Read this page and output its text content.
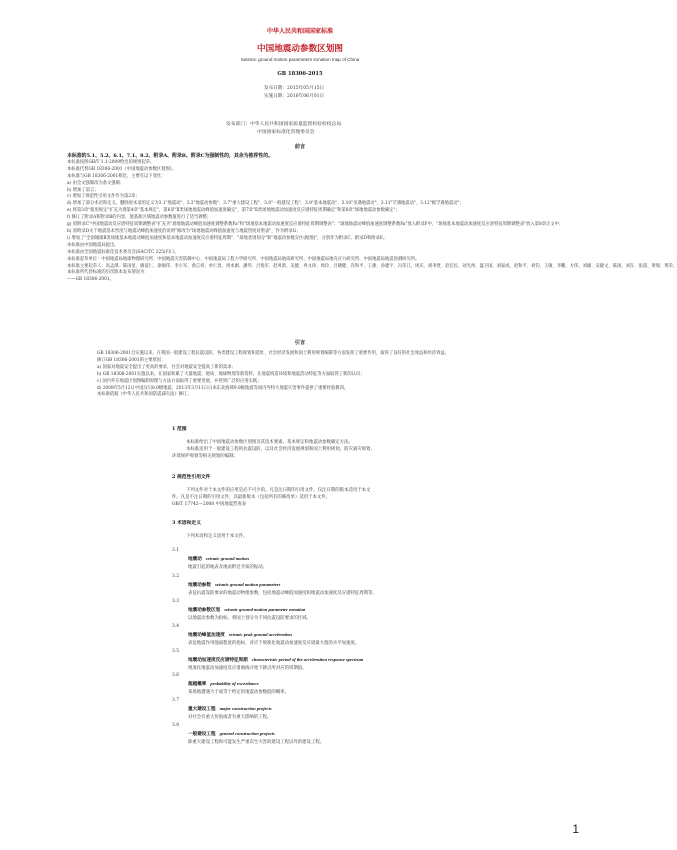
中华人民共和国国家标准
中国地震动参数区划图
Seismic ground motion parameters zonation map of China
GB 18306-2015
发布日期：2015年05月15日
实施日期：2016年06月01日
发布部门：中华人民共和国国家质量监督检验检疫总局
中国国家标准化管理委员会
前言

本标准的5.1、5.2、6.1、7.1、8.2、附录A、附录B、附录C为强制性的，其余为推荐性的。

本标准按照GB/T 1.1-2009给出的规则起草。

本标准代替GB 18306-2001《中国地震动参数区划图》。

本标准与GB 18306-2001相比，主要有以下变化：

a) 由全文强制改为条文强制；

b) 增加了前言；

c) 增加了规范性引用文件作为第2章；

d) 增加了部分术语和定义，删除原术语的定义为3.1"地震动"、3.2"地震动参数"、3.7"重大建设工程"、3.8"一般建设工程"、3.9"基本地震动"、3.10"多遇地震动"、3.11"罕遇地震动"、3.12"极罕遇地震动"；

e) 将第3章"使用规定"扩充为现第4章"基本规定"，第6章"Ⅱ类场地地震动峰值加速度确定"，第7章"Ⅱ类场地地震动加速度反应谱特征周期确定"和第8章"场地地震动参数确定"；

f) 修订了附录A和附录B的内容，使基准区域地震动参数值进行了适当调整；

g) 原附录C"中国地震动反应谱特征周期调整表"扩充为"场地地震动峰值加速度调整系数Fa"和"场地基本地震动加速度反应谱特征周期调整表"；"场地地震动峰值加速度调整系数Fa"放入附录F中，"场地基本地震动加速度反应谱特征周期调整表"放入第8章正文中；

h) 原附录D关于地震基本烈度与地震动峰值加速度的说明"修改为"场地地震动峰值加速度与地震烈度对照表"，作为附录G；

i) 增加了"全国城镇Ⅱ类场地基本地震动峰值加速度和基本地震动加速度反应谱特征周期"、"场地类别划分"和"地震动参数分区(据图)"，分别作为附录C、附录D和附录E。

本标准由中国地震局提出。

本标准由全国地震标准化技术委员会(SAC/TC 225)归口。

本标准起草单位：中国地震局地球物理研究所、中国地震灾害防御中心、中国地震局工程力学研究所、中国地震局地质研究所、中国地震局地壳应力研究所、中国地震局地震预测研究所。

本标准主要起草人：高孟潭、陈国星、谢富仁、徐锡伟、李小军、俞言祥、单仁贵、周本刚、潘华、吕悦军、赵凤新、吴健、冉文珍、周玲、吕晓健、肖和平、王捷、孙建宇、冯荣江、周庆、胡聿贤、赵启民、刘光州、盛卫国、刘家成、赵和平、刘钧、王敏、李鹏、方伟、刘雄、安晓文、陈国、刘在、张超、黄瑞、黄荣。

本标准所代替标准的历次版本发布情况为：

——GB 18306-2001。

引言

GB 18306-2001自实施以来，在我国一般建设工程抗震设防、各类建设工程规划和选址、社会经济发展和国土利用规划编制等方面发挥了重要作用，取得了良好的社会效益和经济效益。

修订GB 18306-2001的主要原因：

a) 国家对地震安全提出了更高的要求，社会对地震安全提高了新的需求；

b) GB 18306-2001实施以来，在国家积累了大量地震、地质、地球物理等新资料，在地震构造环境和地震活动特征等方面取得了新的认识；

c) 国内外在地震区划图编制原理与方法方面取得了重要进展，并得到广泛的应用实践；

d) 2008年5月12日中国汶川8.0级地震，2013年3月11日日本东北海域9.0级地震等国内外特大地震灾害事件提供了重要经验教训。

本标准依据《中华人民共和国防震减灾法》修订。

1 范围

本标准给出了中国地震动参数区划图及其技术要素，基本规定和地震动参数确定方法。

本标准适用于一般建设工程的抗震设防，以及社会经济发展规划和国土利用规划，防灾减灾规划、

环境保护规划等相关规划的编制。

2 规范性引用文件

下列文件对于本文件的应用是必不可少的。凡是注日期的引用文件，仅注日期的版本适用于本文

件。凡是不注日期的引用文件，其最新版本（包括所有的修改单）适用于本文件。

GB/T 17742—2008 中国地震烈度表

3 术语和定义

下列术语和定义适用于本文件。

3.1
地震动 seismic ground motion
地震引起的地表及地表附近介质的振动。
3.2
地震动参数 seismic ground motion parameters
表征抗震设防要求的地震动物理参数，包括地震动峰值加速度和地震动加速度反应谱特征周期等。
3.3
地震动参数区划 seismic ground motion parameter zonation
以地震动参数为指标，将国土划分为不同抗震设防要求的区域。
3.4
地震动峰值加速度 seismic peak ground acceleration
表征地震作用强弱程度的指标，对应于规准化地震动加速度反应谱最大值的水平加速度。
3.5
地震动加速度反应谱特征周期 characteristic period of the acceleration response spectrum
规准化地震动加速度反应谱曲线开始下降点所对应的周期值。
3.6
超越概率 probability of exceedance
某场地遭遇大于或等于给定的地震动参数值的概率。
3.7
重大建设工程 major construction projects
对社会有重大价值或者有重大影响的工程。
3.8
一般建设工程 general construction projects
除重大建设工程和可能发生严重次生灾害的建设工程以外的建设工程。
1
